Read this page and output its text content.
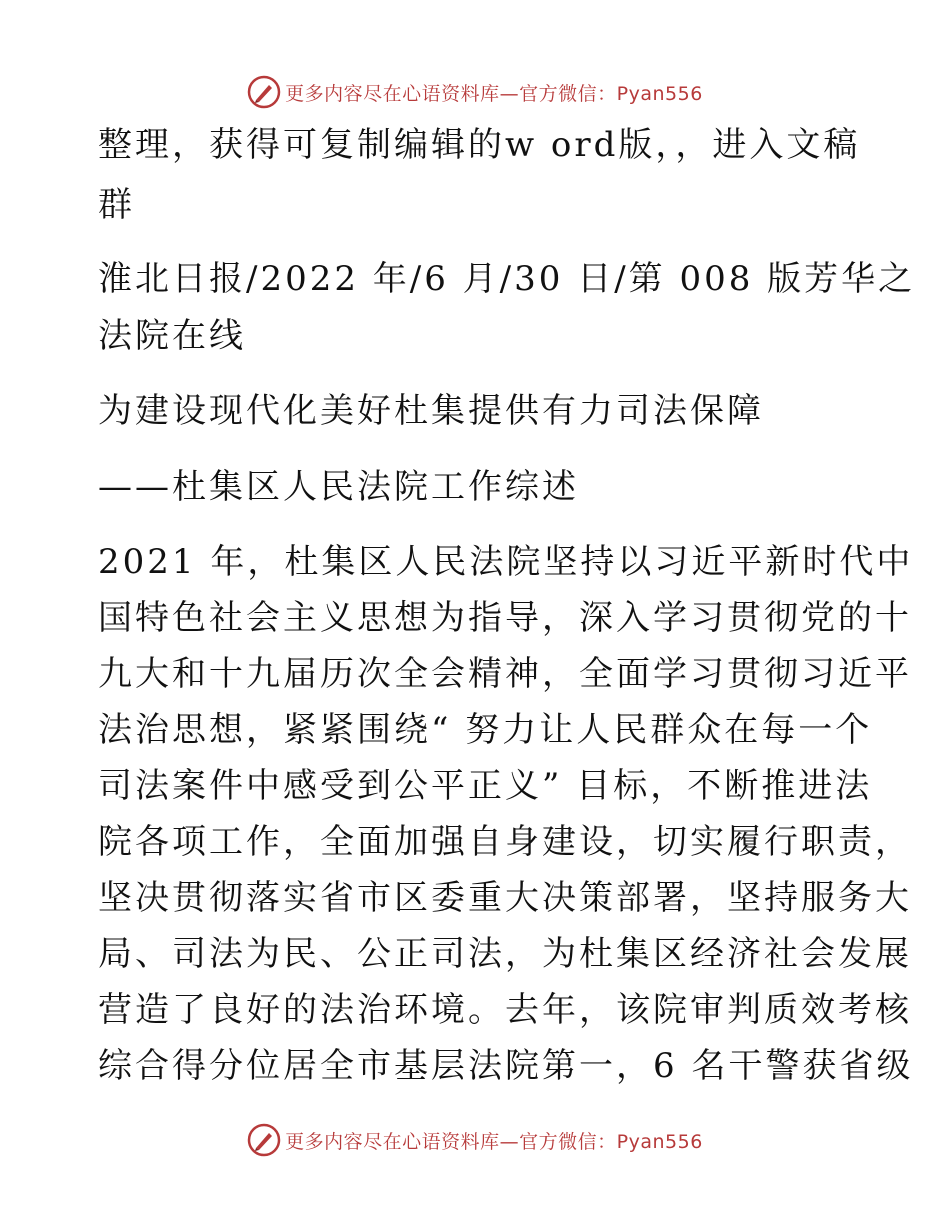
更多内容尽在心语资料库—官方微信：Pyan556
整理，获得可复制编辑的w ord版，，进入文稿
群
淮北日报/2022 年/6 月/30 日/第 008 版芳华之
法院在线
为建设现代化美好杜集提供有力司法保障
——杜集区人民法院工作综述
2021 年，杜集区人民法院坚持以习近平新时代中
国特色社会主义思想为指导，深入学习贯彻党的十
九大和十九届历次全会精神，全面学习贯彻习近平
法治思想，紧紧围绕“ 努力让人民群众在每一个
司法案件中感受到公平正义” 目标，不断推进法
院各项工作，全面加强自身建设，切实履行职责，
坚决贯彻落实省市区委重大决策部署，坚持服务大
局、司法为民、公正司法，为杜集区经济社会发展
营造了良好的法治环境。去年，该院审判质效考核
综合得分位居全市基层法院第一，6 名干警获省级
更多内容尽在心语资料库—官方微信：Pyan556
